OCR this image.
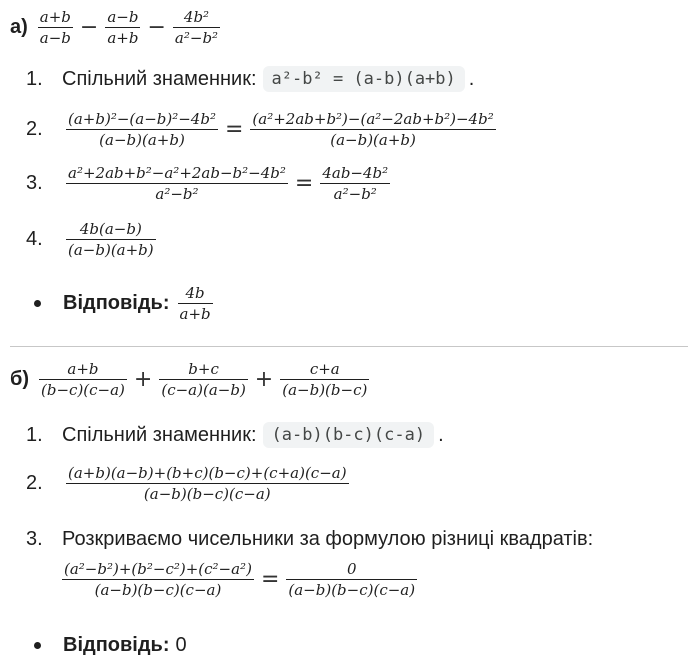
$а) \frac{a+b}{a-b} - \frac{a-b}{a+b} - \frac{\text{4b²}}{\text{a²−b²}}$
1. Спільний знаменник: a²-b² = (a-b)(a+b) .
2.	$\frac{\text{(a+b)²−(a−b)²−4b²}}{(a-b)(a+b)} = \frac{\text{(a²+2ab+b²)−(a²−2ab+b²)−4b²}}{(a-b)(a+b)}$
3.	$\frac{\text{a²+2ab+b²−a²+2ab−b²−4b²}}{\text{a²−b²}} = \frac{\text{4ab−4b²}}{\text{a²−b²}}$
4.	$\frac{4b(a-b)}{(a-b)(a+b)}$
Відповідь: $\frac{4b}{a+b}$
$б) \frac{a+b}{(b-c)(c-a)} + \frac{b+c}{(c-a)(a-b)} + \frac{c+a}{(a-b)(b-c)}$
1. Спільний знаменник: (a-b)(b-c)(c-a) .
2.	$\frac{(a+b)(a-b)+(b+c)(b-c)+(c+a)(c-a)}{(a-b)(b-c)(c-a)}$
3. Розкриваємо чисельники за формулою різниці квадратів:
$\frac{\text{(a²−b²)+(b²−c²)+(c²−a²)}}{(a-b)(b-c)(c-a)} = \frac{0}{(a-b)(b-c)(c-a)}$
Відповідь: 0
